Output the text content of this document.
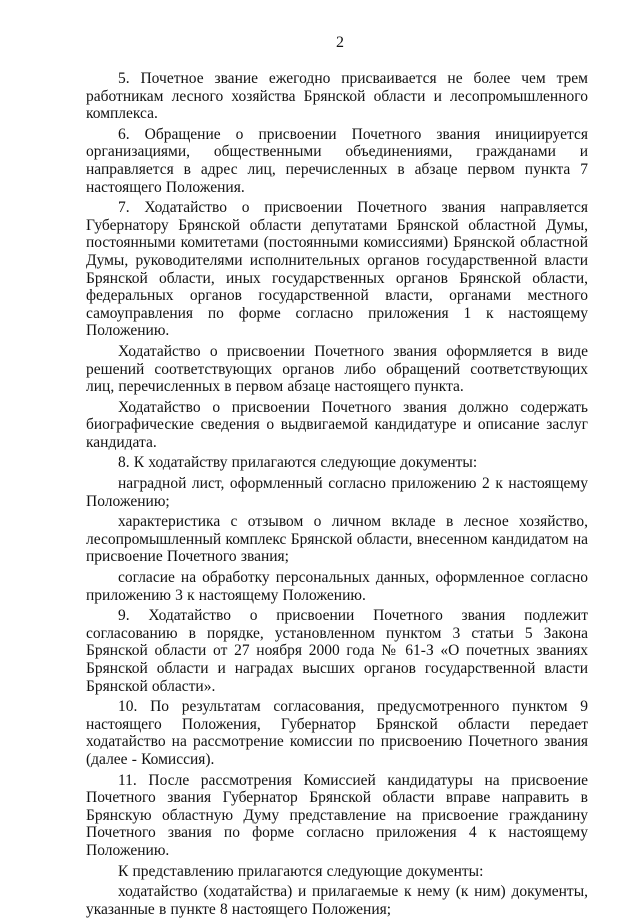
2

5. Почетное звание ежегодно присваивается не более чем трем работникам лесного хозяйства Брянской области и лесопромышленного комплекса.

6. Обращение о присвоении Почетного звания инициируется организациями, общественными объединениями, гражданами и направляется в адрес лиц, перечисленных в абзаце первом пункта 7 настоящего Положения.

7. Ходатайство о присвоении Почетного звания направляется Губернатору Брянской области депутатами Брянской областной Думы, постоянными комитетами (постоянными комиссиями) Брянской областной Думы, руководителями исполнительных органов государственной власти Брянской области, иных государственных органов Брянской области, федеральных органов государственной власти, органами местного самоуправления по форме согласно приложения 1 к настоящему Положению.

Ходатайство о присвоении Почетного звания оформляется в виде решений соответствующих органов либо обращений соответствующих лиц, перечисленных в первом абзаце настоящего пункта.

Ходатайство о присвоении Почетного звания должно содержать биографические сведения о выдвигаемой кандидатуре и описание заслуг кандидата.

8. К ходатайству прилагаются следующие документы:

наградной лист, оформленный согласно приложению 2 к настоящему Положению;

характеристика с отзывом о личном вкладе в лесное хозяйство, лесопромышленный комплекс Брянской области, внесенном кандидатом на присвоение Почетного звания;

согласие на обработку персональных данных, оформленное согласно приложению 3 к настоящему Положению.

9. Ходатайство о присвоении Почетного звания подлежит согласованию в порядке, установленном пунктом 3 статьи 5 Закона Брянской области от 27 ноября 2000 года № 61-З «О почетных званиях Брянской области и наградах высших органов государственной власти Брянской области».

10. По результатам согласования, предусмотренного пунктом 9 настоящего Положения, Губернатор Брянской области передает ходатайство на рассмотрение комиссии по присвоению Почетного звания (далее - Комиссия).

11. После рассмотрения Комиссией кандидатуры на присвоение Почетного звания Губернатор Брянской области вправе направить в Брянскую областную Думу представление на присвоение гражданину Почетного звания по форме согласно приложения 4 к настоящему Положению.

К представлению прилагаются следующие документы:

ходатайство (ходатайства) и прилагаемые к нему (к ним) документы, указанные в пункте 8 настоящего Положения;
